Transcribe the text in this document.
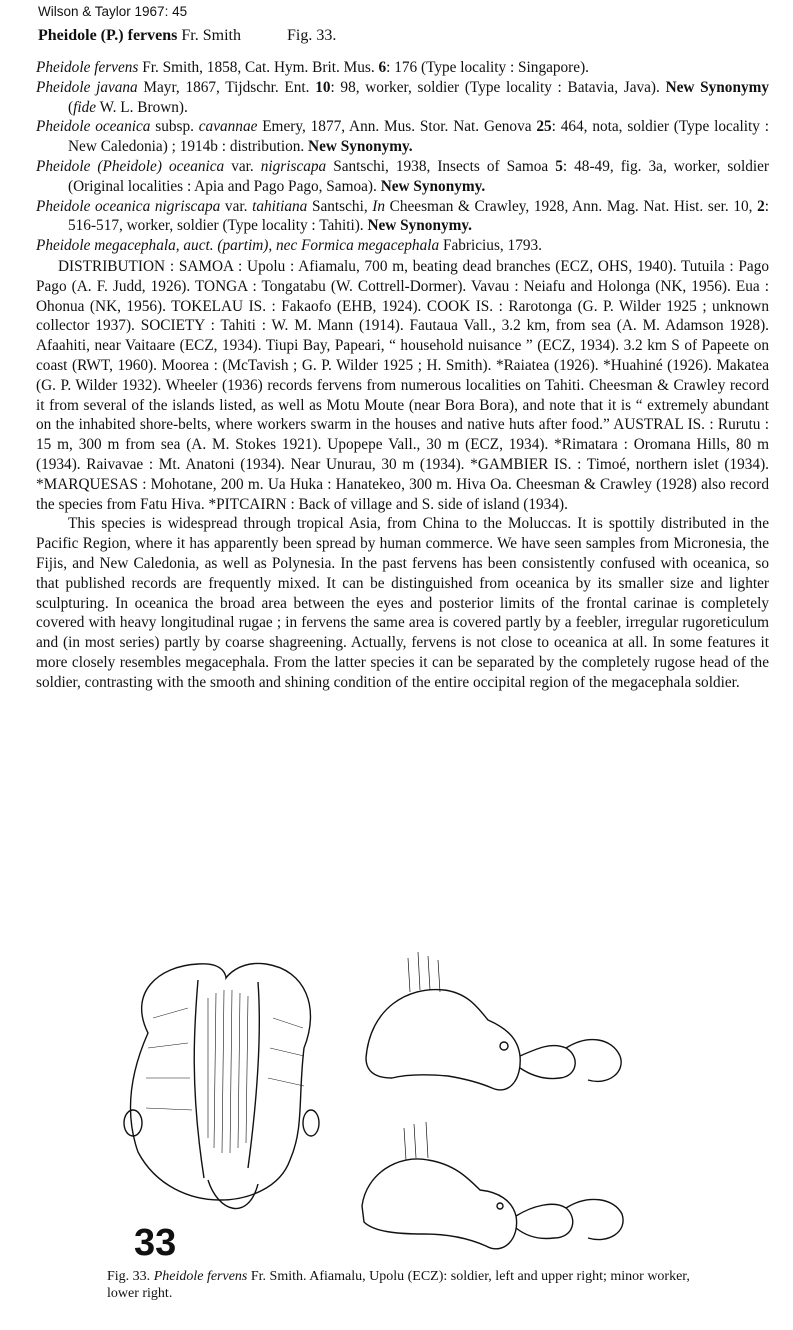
Wilson & Taylor 1967: 45
Pheidole (P.) fervens Fr. Smith	Fig. 33.

Pheidole fervens Fr. Smith, 1858, Cat. Hym. Brit. Mus. 6: 176 (Type locality : Singapore).

Pheidole javana Mayr, 1867, Tijdschr. Ent. 10: 98, worker, soldier (Type locality : Batavia, Java). New Synonymy (fide W. L. Brown).

Pheidole oceanica subsp. cavannae Emery, 1877, Ann. Mus. Stor. Nat. Genova 25: 464, nota, soldier (Type locality : New Caledonia) ; 1914b : distribution. New Synonymy.

Pheidole (Pheidole) oceanica var. nigriscapa Santschi, 1938, Insects of Samoa 5: 48-49, fig. 3a, worker, soldier (Original localities : Apia and Pago Pago, Samoa). New Synonymy.

Pheidole oceanica nigriscapa var. tahitiana Santschi, In Cheesman & Crawley, 1928, Ann. Mag. Nat. Hist. ser. 10, 2: 516-517, worker, soldier (Type locality : Tahiti). New Synonymy.

Pheidole megacephala, auct. (partim), nec Formica megacephala Fabricius, 1793.

DISTRIBUTION : SAMOA : Upolu : Afiamalu, 700 m, beating dead branches (ECZ, OHS, 1940). Tutuila : Pago Pago (A. F. Judd, 1926). TONGA : Tongatabu (W. Cottrell-Dormer). Vavau : Neiafu and Holonga (NK, 1956). Eua : Ohonua (NK, 1956). TOKELAU IS. : Fakaofo (EHB, 1924). COOK IS. : Rarotonga (G. P. Wilder 1925 ; unknown collector 1937). SOCIETY : Tahiti : W. M. Mann (1914). Fautaua Vall., 3.2 km, from sea (A. M. Adamson 1928). Afaahiti, near Vaitaare (ECZ, 1934). Tiupi Bay, Papeari, “ household nuisance ” (ECZ, 1934). 3.2 km S of Papeete on coast (RWT, 1960). Moorea : (McTavish ; G. P. Wilder 1925 ; H. Smith). *Raiatea (1926). *Huahiné (1926). Makatea (G. P. Wilder 1932). Wheeler (1936) records fervens from numerous localities on Tahiti. Cheesman & Crawley record it from several of the islands listed, as well as Motu Moute (near Bora Bora), and note that it is “ extremely abundant on the inhabited shore-belts, where workers swarm in the houses and native huts after food.” AUSTRAL IS. : Rurutu : 15 m, 300 m from sea (A. M. Stokes 1921). Upopepe Vall., 30 m (ECZ, 1934). *Rimatara : Oromana Hills, 80 m (1934). Raivavae : Mt. Anatoni (1934). Near Unurau, 30 m (1934). *GAMBIER IS. : Timoé, northern islet (1934). *MARQUESAS : Mohotane, 200 m. Ua Huka : Hanatekeo, 300 m. Hiva Oa. Cheesman & Crawley (1928) also record the species from Fatu Hiva. *PITCAIRN : Back of village and S. side of island (1934).

This species is widespread through tropical Asia, from China to the Moluccas. It is spottily distributed in the Pacific Region, where it has apparently been spread by human commerce. We have seen samples from Micronesia, the Fijis, and New Caledonia, as well as Polynesia. In the past fervens has been consistently confused with oceanica, so that published records are frequently mixed. It can be distinguished from oceanica by its smaller size and lighter sculpturing. In oceanica the broad area between the eyes and posterior limits of the frontal carinae is completely covered with heavy longitudinal rugae ; in fervens the same area is covered partly by a feebler, irregular rugoreticulum and (in most series) partly by coarse shagreening. Actually, fervens is not close to oceanica at all. In some features it more closely resembles megacephala. From the latter species it can be separated by the completely rugose head of the soldier, contrasting with the smooth and shining condition of the entire occipital region of the megacephala soldier.

33
Fig. 33. Pheidole fervens Fr. Smith. Afiamalu, Upolu (ECZ): soldier, left and upper right; minor worker, lower right.
